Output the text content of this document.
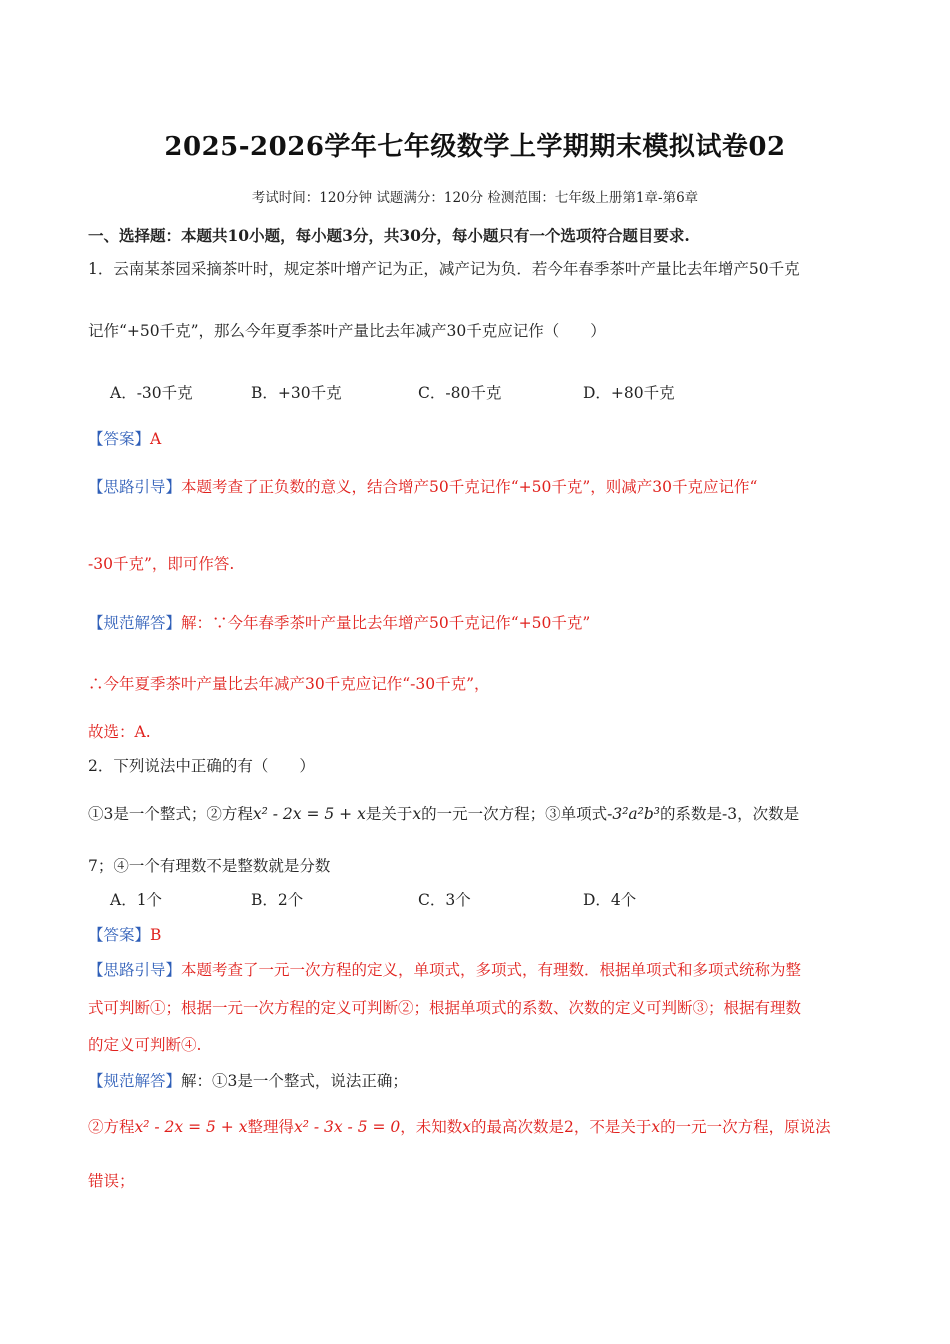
2025-2026学年七年级数学上学期期末模拟试卷02
考试时间：120分钟 试题满分：120分 检测范围：七年级上册第1章-第6章
一、选择题：本题共10小题，每小题3分，共30分，每小题只有一个选项符合题目要求.
1．云南某茶园采摘茶叶时，规定茶叶增产记为正，减产记为负．若今年春季茶叶产量比去年增产50千克
记作“+50千克”，那么今年夏季茶叶产量比去年减产30千克应记作（　　）
A．-30千克	B．+30千克	C．-80千克	D．+80千克
【答案】A
【思路引导】本题考查了正负数的意义，结合增产50千克记作“+50千克”，则减产30千克应记作“
-30千克”，即可作答.
【规范解答】解：∵今年春季茶叶产量比去年增产50千克记作“+50千克”
∴今年夏季茶叶产量比去年减产30千克应记作“-30千克”，
故选：A.
2．下列说法中正确的有（　　）
①3是一个整式；②方程x² - 2x = 5 + x是关于x的一元一次方程；③单项式-3²a²b³的系数是-3，次数是
7；④一个有理数不是整数就是分数
A．1个	B．2个	C．3个	D．4个
【答案】B
【思路引导】本题考查了一元一次方程的定义，单项式，多项式，有理数．根据单项式和多项式统称为整
式可判断①；根据一元一次方程的定义可判断②；根据单项式的系数、次数的定义可判断③；根据有理数
的定义可判断④.
【规范解答】解：①3是一个整式，说法正确；
②方程x² - 2x = 5 + x整理得x² - 3x - 5 = 0，未知数x的最高次数是2，不是关于x的一元一次方程，原说法
错误；
